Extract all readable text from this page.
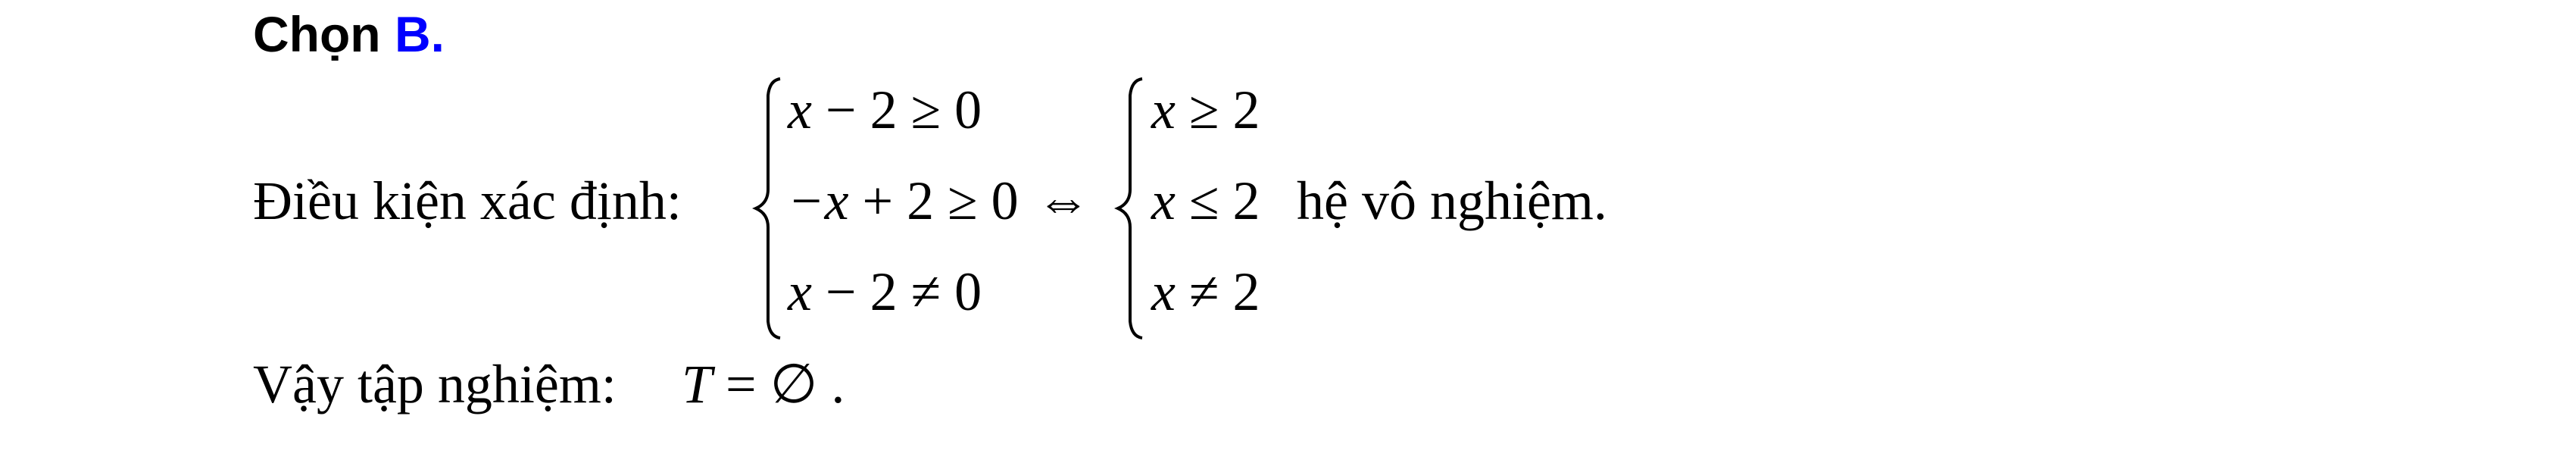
Chọn B.
Điều kiện xác định:
x − 2 ≥ 0
−x + 2 ≥ 0
x − 2 ≠ 0
⇔
x ≥ 2
x ≤ 2
x ≠ 2
hệ vô nghiệm.
Vậy tập nghiệm: T = ∅ .
